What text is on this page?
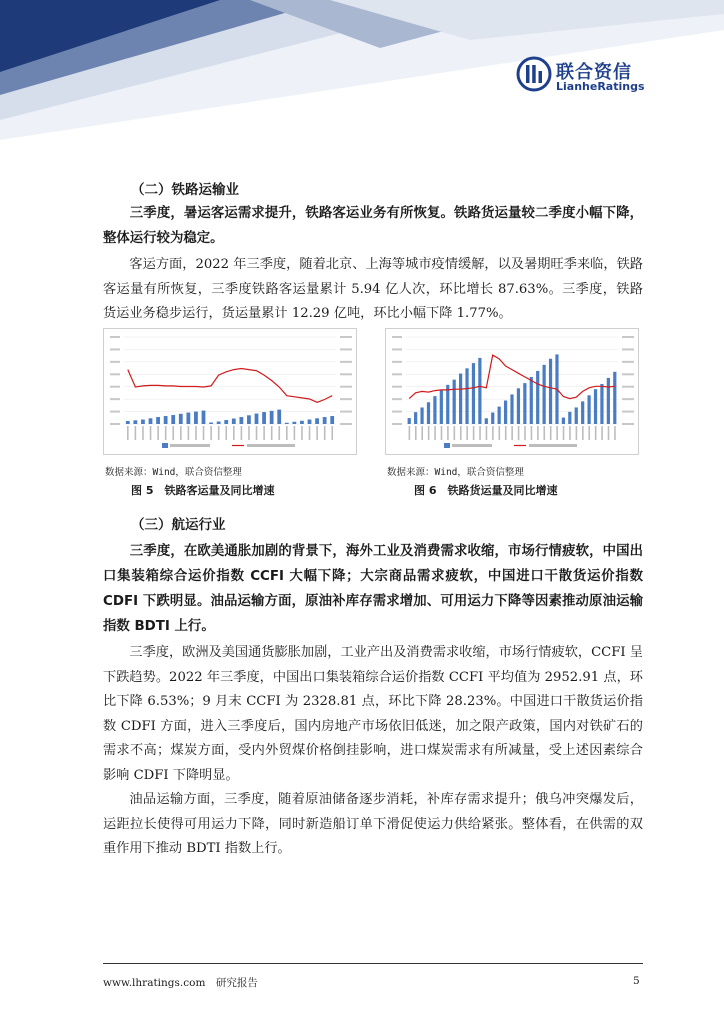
联合资信
LianheRatings
（二）铁路运输业

三季度，暑运客运需求提升，铁路客运业务有所恢复。铁路货运量较二季度小幅下降，整体运行较为稳定。

客运方面，2022 年三季度，随着北京、上海等城市疫情缓解，以及暑期旺季来临，铁路客运量有所恢复，三季度铁路客运量累计 5.94 亿人次，环比增长 87.63%。三季度，铁路货运业务稳步运行，货运量累计 12.29 亿吨，环比小幅下降 1.77%。

数据来源：Wind，联合资信整理
图 5　铁路客运量及同比增速
数据来源：Wind，联合资信整理
图 6　铁路货运量及同比增速
（三）航运行业

三季度，在欧美通胀加剧的背景下，海外工业及消费需求收缩，市场行情疲软，中国出口集装箱综合运价指数 CCFI 大幅下降；大宗商品需求疲软，中国进口干散货运价指数 CDFI 下跌明显。油品运输方面，原油补库存需求增加、可用运力下降等因素推动原油运输指数 BDTI 上行。

三季度，欧洲及美国通货膨胀加剧，工业产出及消费需求收缩，市场行情疲软，CCFI 呈下跌趋势。2022 年三季度，中国出口集装箱综合运价指数 CCFI 平均值为 2952.91 点，环比下降 6.53%；9 月末 CCFI 为 2328.81 点，环比下降 28.23%。中国进口干散货运价指数 CDFI 方面，进入三季度后，国内房地产市场依旧低迷，加之限产政策，国内对铁矿石的需求不高；煤炭方面，受内外贸煤价格倒挂影响，进口煤炭需求有所减量，受上述因素综合影响 CDFI 下降明显。

油品运输方面，三季度，随着原油储备逐步消耗，补库存需求提升；俄乌冲突爆发后，运距拉长使得可用运力下降，同时新造船订单下滑促使运力供给紧张。整体看，在供需的双重作用下推动 BDTI 指数上行。

www.lhratings.com　研究报告	5
